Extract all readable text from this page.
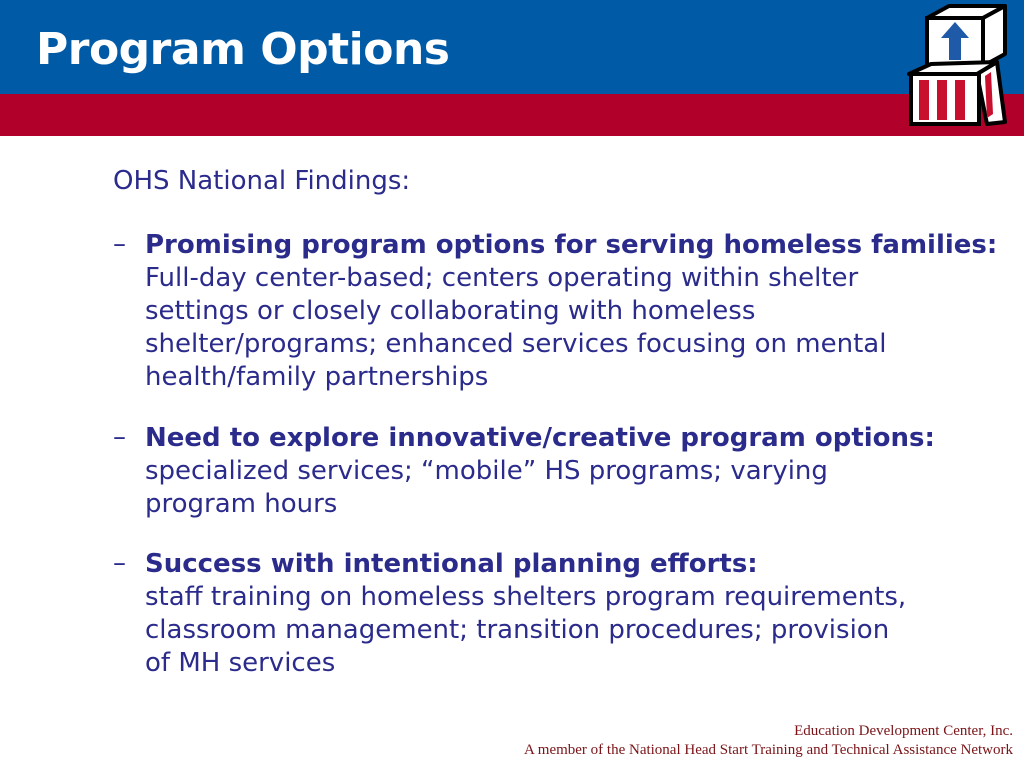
Program Options
OHS National Findings:
– Promising program options for serving homeless families:
Full-day center-based; centers operating within shelter
settings or closely collaborating with homeless
shelter/programs; enhanced services focusing on mental
health/family partnerships
– Need to explore innovative/creative program options:
specialized services; “mobile” HS programs; varying
program hours
– Success with intentional planning efforts:
staff training on homeless shelters program requirements,
classroom management; transition procedures; provision
of MH services
Education Development Center, Inc.
A member of the National Head Start Training and Technical Assistance Network
